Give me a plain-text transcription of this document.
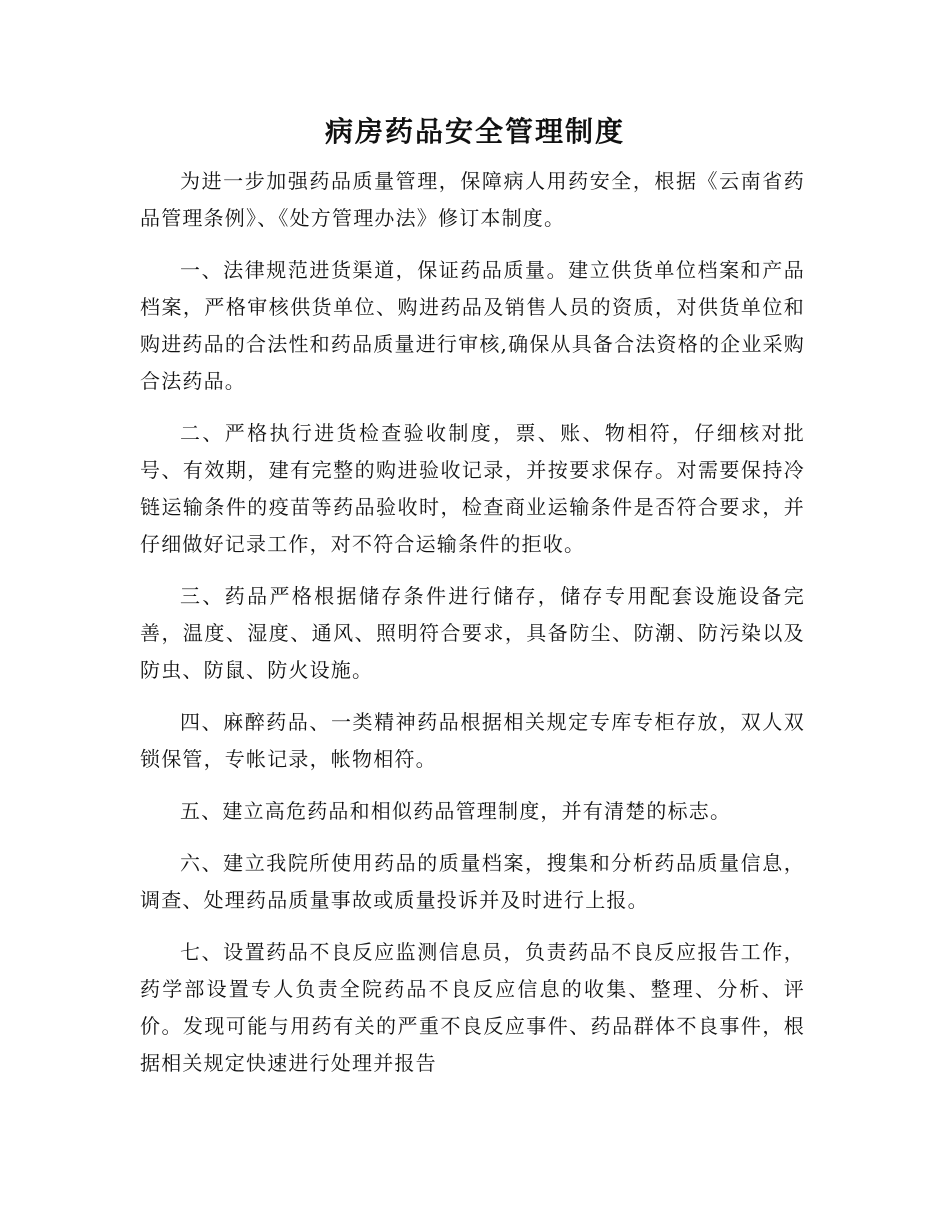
病房药品安全管理制度

为进一步加强药品质量管理，保障病人用药安全，根据《云南省药品管理条例》、《处方管理办法》修订本制度。

一、法律规范进货渠道，保证药品质量。建立供货单位档案和产品档案，严格审核供货单位、购进药品及销售人员的资质，对供货单位和购进药品的合法性和药品质量进行审核,确保从具备合法资格的企业采购合法药品。

二、严格执行进货检查验收制度，票、账、物相符，仔细核对批号、有效期，建有完整的购进验收记录，并按要求保存。对需要保持冷链运输条件的疫苗等药品验收时，检查商业运输条件是否符合要求，并仔细做好记录工作，对不符合运输条件的拒收。

三、药品严格根据储存条件进行储存，储存专用配套设施设备完善，温度、湿度、通风、照明符合要求，具备防尘、防潮、防污染以及防虫、防鼠、防火设施。

四、麻醉药品、一类精神药品根据相关规定专库专柜存放，双人双锁保管，专帐记录，帐物相符。

五、建立高危药品和相似药品管理制度，并有清楚的标志。

六、建立我院所使用药品的质量档案，搜集和分析药品质量信息，调查、处理药品质量事故或质量投诉并及时进行上报。

七、设置药品不良反应监测信息员，负责药品不良反应报告工作，药学部设置专人负责全院药品不良反应信息的收集、整理、分析、评价。发现可能与用药有关的严重不良反应事件、药品群体不良事件，根据相关规定快速进行处理并报告
